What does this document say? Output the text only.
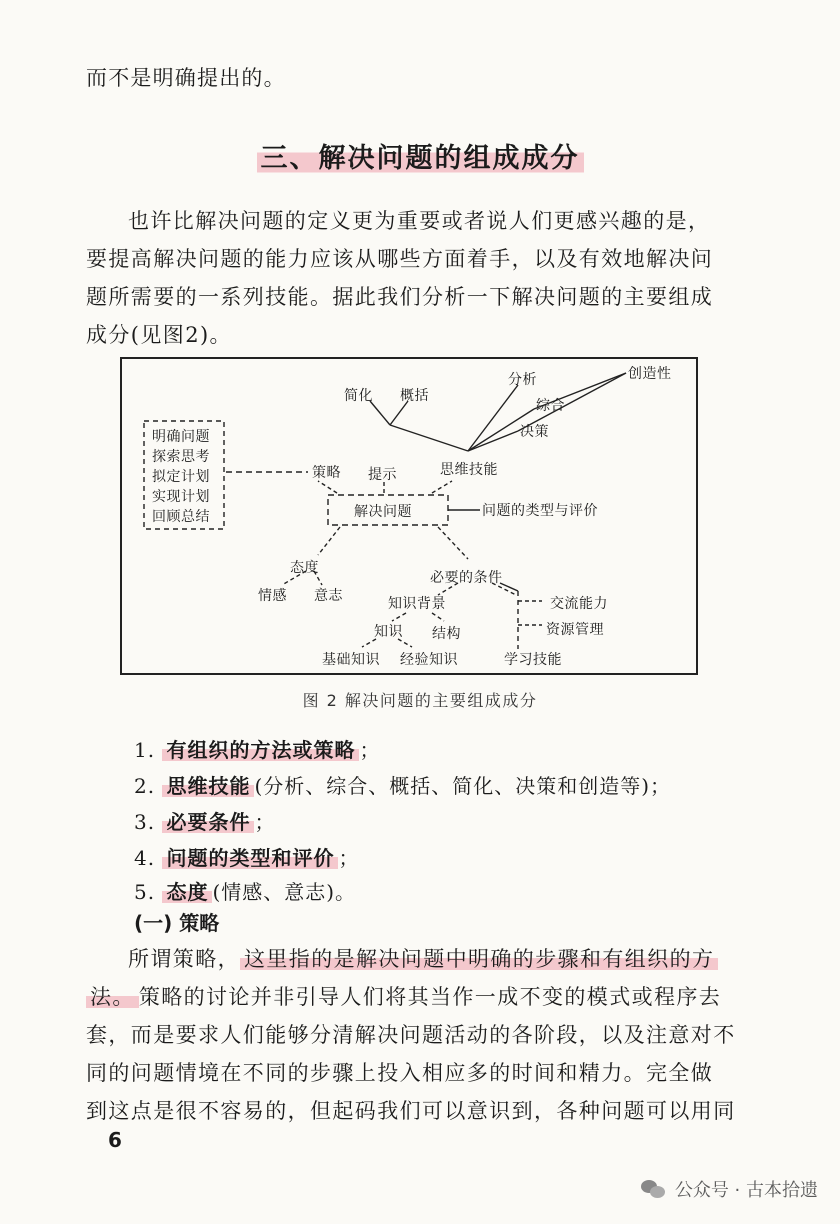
而不是明确提出的。
三、解决问题的组成成分
也许比解决问题的定义更为重要或者说人们更感兴趣的是，
要提高解决问题的能力应该从哪些方面着手，以及有效地解决问
题所需要的一系列技能。据此我们分析一下解决问题的主要组成
成分(见图2)。
明确问题
探索思考
拟定计划
实现计划
回顾总结
策略 提示	思维技能
解决问题	问题的类型与评价
简化 概括
分析
综合
决策
创造性
态度
情感 意志
必要的条件
知识背景
知识 结构
基础知识 经验知识
交流能力
资源管理
学习技能
图 2 解决问题的主要组成成分
1. 有组织的方法或策略 ；
2. 思维技能 (分析、综合、概括、简化、决策和创造等)；
3. 必要条件 ；
4. 问题的类型和评价 ；
5. 态度 (情感、意志)。
(一) 策略
所谓策略， 这里指的是解决问题中明确的步骤和有组织的方
法。 策略的讨论并非引导人们将其当作一成不变的模式或程序去
套，而是要求人们能够分清解决问题活动的各阶段，以及注意对不
同的问题情境在不同的步骤上投入相应多的时间和精力。完全做
到这点是很不容易的，但起码我们可以意识到，各种问题可以用同
6
公众号 · 古本拾遗
